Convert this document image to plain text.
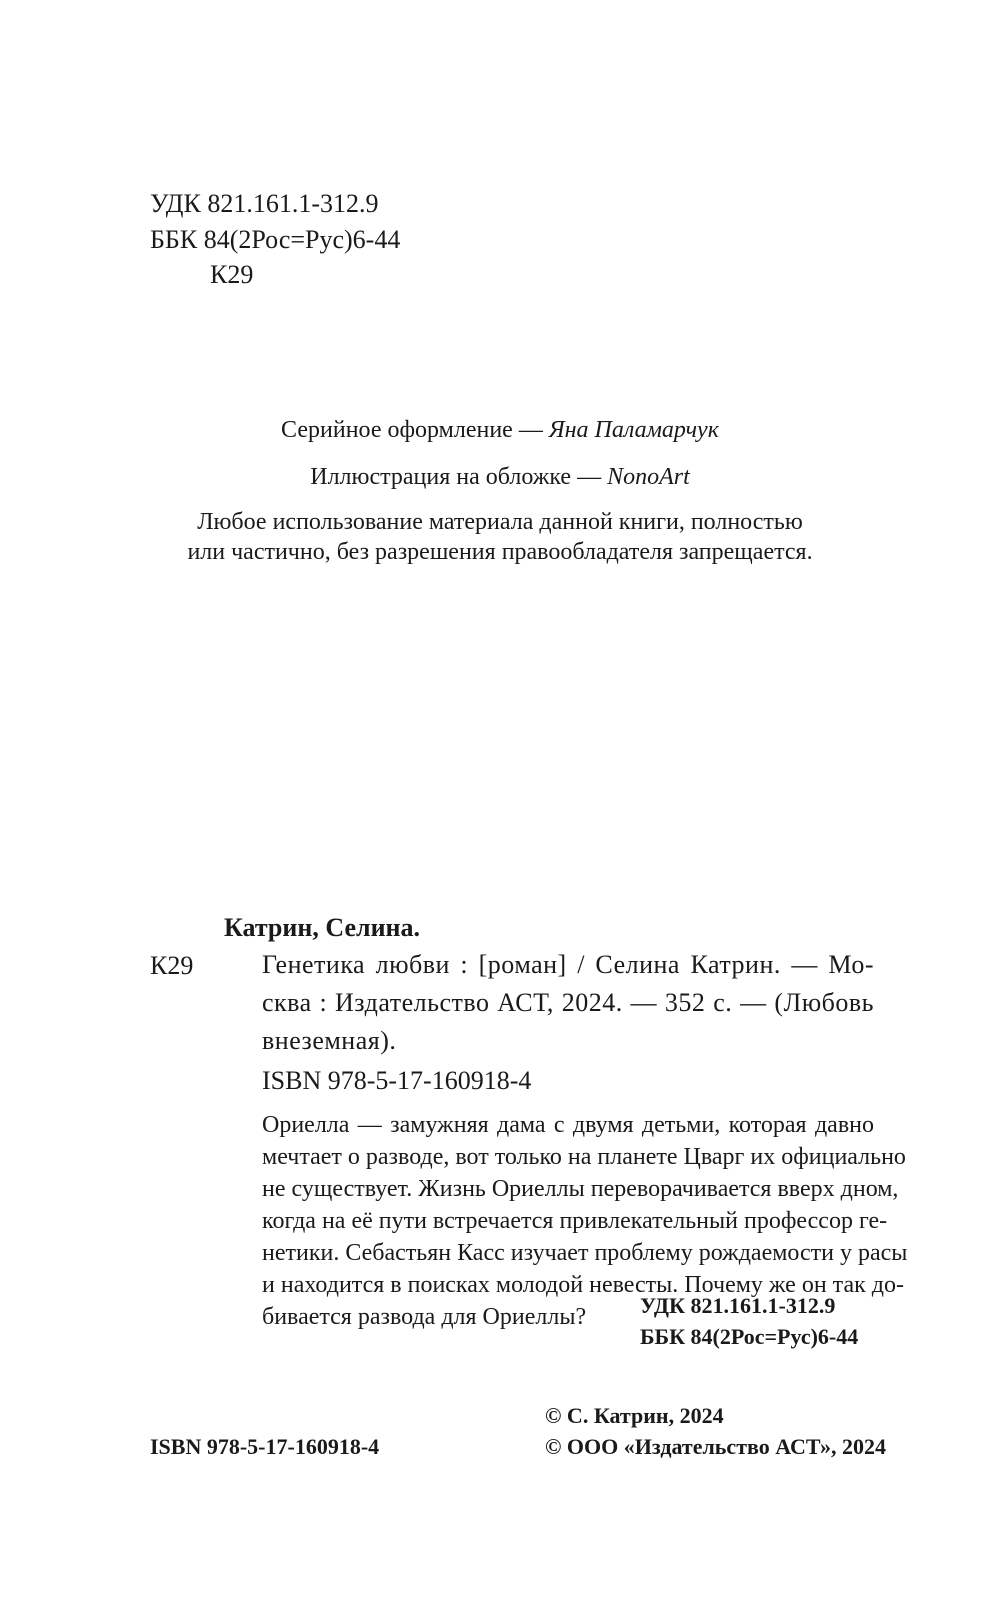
УДК 821.161.1-312.9
ББК 84(2Рос=Рус)6-44
К29
Серийное оформление — Яна Паламарчук
Иллюстрация на обложке — NonoArt
Любое использование материала данной книги, полностью
или частично, без разрешения правообладателя запрещается.
Катрин, Селина.
К29	Генетика любви : [роман] / Селина Катрин. — Мо-
сква : Издательство АСТ, 2024. — 352 с. — (Любовь
внеземная).
ISBN 978-5-17-160918-4
Ориелла — замужняя дама с двумя детьми, которая давно
мечтает о разводе, вот только на планете Цварг их официально
не существует. Жизнь Ориеллы переворачивается вверх дном,
когда на её пути встречается привлекательный профессор ге-
нетики. Себастьян Касс изучает проблему рождаемости у расы
и находится в поисках молодой невесты. Почему же он так до-
бивается развода для Ориеллы?	УДК 821.161.1-312.9
ББК 84(2Рос=Рус)6-44
© С. Катрин, 2024
ISBN 978-5-17-160918-4	© ООО «Издательство АСТ», 2024
